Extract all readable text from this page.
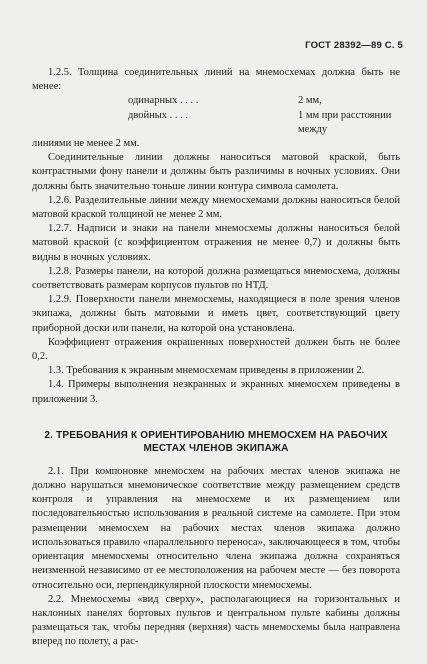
ГОСТ 28392—89 С. 5

1.2.5. Толщина соединительных линий на мнемосхемах должна быть не менее:

одинарных . . . .	2 мм,
двойных . . . .	1 мм при расстоянии между

линиями не менее 2 мм.

Соединительные линии должны наноситься матовой краской, быть контрастными фону панели и должны быть различимы в ночных условиях. Они должны быть значительно тоньше линии контура символа самолета.

1.2.6. Разделительные линии между мнемосхемами должны наноситься белой матовой краской толщиной не менее 2 мм.

1.2.7. Надписи и знаки на панели мнемосхемы должны наноситься белой матовой краской (с коэффициентом отражения не менее 0,7) и должны быть видны в ночных условиях.

1.2.8. Размеры панели, на которой должна размещаться мнемосхема, должны соответствовать размерам корпусов пультов по НТД.

1.2.9. Поверхности панели мнемосхемы, находящиеся в поле зрения членов экипажа, должны быть матовыми и иметь цвет, соответствующий цвету приборной доски или панели, на которой она установлена.

Коэффициент отражения окрашенных поверхностей должен быть не более 0,2.

1.3. Требования к экранным мнемосхемам приведены в приложении 2.

1.4. Примеры выполнения неэкранных и экранных мнемосхем приведены в приложении 3.

2. ТРЕБОВАНИЯ К ОРИЕНТИРОВАНИЮ МНЕМОСХЕМ НА РАБОЧИХ МЕСТАХ ЧЛЕНОВ ЭКИПАЖА

2.1. При компоновке мнемосхем на рабочих местах членов экипажа не должно нарушаться мнемоническое соответствие между размещением средств контроля и управления на мнемосхеме и их размещением или последовательностью использования в реальной системе на самолете. При этом размещении мнемосхем на рабочих местах членов экипажа должно использоваться правило «параллельного переноса», заключающееся в том, чтобы ориентация мнемосхемы относительно члена экипажа должна сохраняться неизменной независимо от ее местоположения на рабочем месте — без поворота относительно оси, перпендикулярной плоскости мнемосхемы.

2.2. Мнемосхемы «вид сверху», располагающиеся на горизонтальных и наклонных панелях бортовых пультов и центральном пульте кабины должны размещаться так, чтобы передняя (верхняя) часть мнемосхемы была направлена вперед по полету, а рас-
